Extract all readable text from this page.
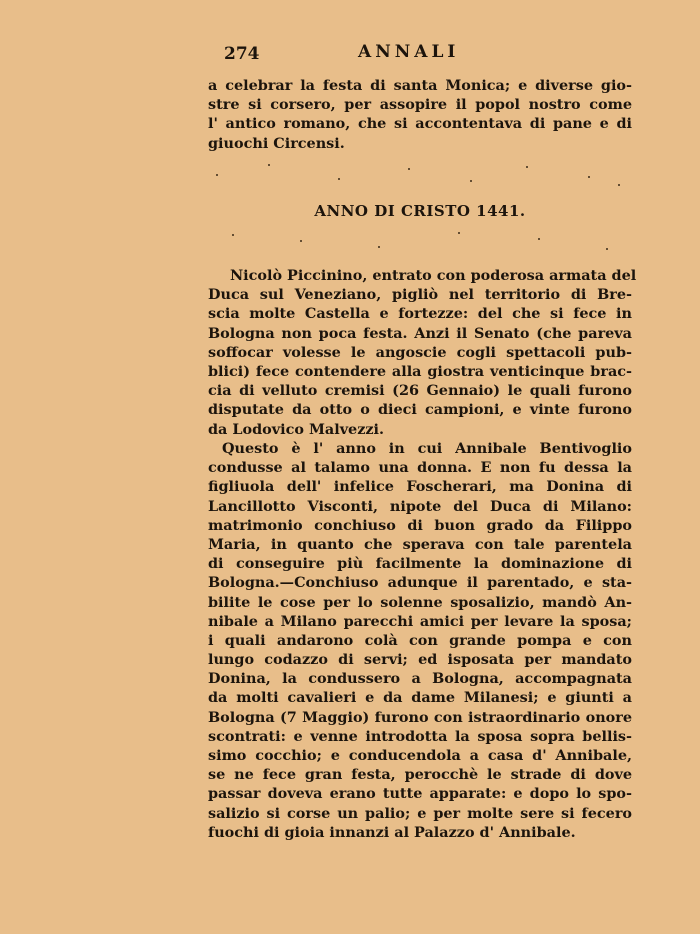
274	ANNALI
a celebrar la festa di santa Monica; e diverse gio-
stre si corsero, per assopire il popol nostro come
l' antico romano, che si accontentava di pane e di
giuochi Circensi.
ANNO DI CRISTO 1441.
Nicolò Piccinino, entrato con poderosa armata del
Duca sul Veneziano, pigliò nel territorio di Bre-
scia molte Castella e fortezze: del che si fece in
Bologna non poca festa. Anzi il Senato (che pareva
soffocar volesse le angoscie cogli spettacoli pub-
blici) fece contendere alla giostra venticinque brac-
cia di velluto cremisi (26 Gennaio) le quali furono
disputate da otto o dieci campioni, e vinte furono
da Lodovico Malvezzi.
Questo è l' anno in cui Annibale Bentivoglio
condusse al talamo una donna. E non fu dessa la
figliuola dell' infelice Foscherari, ma Donina di
Lancillotto Visconti, nipote del Duca di Milano:
matrimonio conchiuso di buon grado da Filippo
Maria, in quanto che sperava con tale parentela
di conseguire più facilmente la dominazione di
Bologna.—Conchiuso adunque il parentado, e sta-
bilite le cose per lo solenne sposalizio, mandò An-
nibale a Milano parecchi amici per levare la sposa;
i quali andarono colà con grande pompa e con
lungo codazzo di servi; ed isposata per mandato
Donina, la condussero a Bologna, accompagnata
da molti cavalieri e da dame Milanesi; e giunti a
Bologna (7 Maggio) furono con istraordinario onore
scontrati: e venne introdotta la sposa sopra bellis-
simo cocchio; e conducendola a casa d' Annibale,
se ne fece gran festa, perocchè le strade di dove
passar doveva erano tutte apparate: e dopo lo spo-
salizio si corse un palio; e per molte sere si fecero
fuochi di gioia innanzi al Palazzo d' Annibale.
